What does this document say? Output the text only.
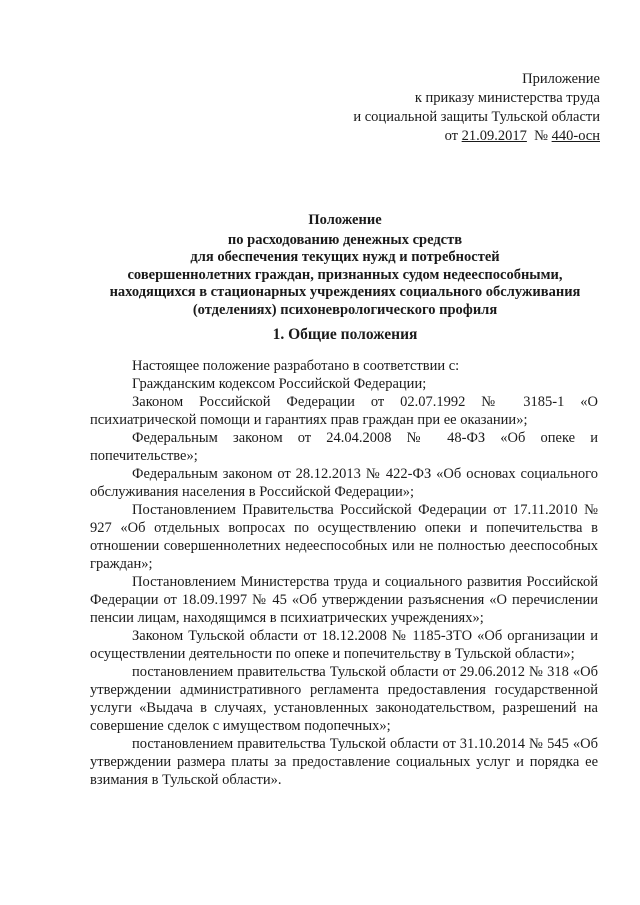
Приложение
к приказу министерства труда
и социальной защиты Тульской области
от 21.09.2017 № 440-осн
Положение
по расходованию денежных средств
для обеспечения текущих нужд и потребностей
совершеннолетних граждан, признанных судом недееспособными,
находящихся в стационарных учреждениях социального обслуживания
(отделениях) психоневрологического профиля
1. Общие положения

Настоящее положение разработано в соответствии с:

Гражданским кодексом Российской Федерации;

Законом Российской Федерации от 02.07.1992 № 3185-1 «О психиатрической помощи и гарантиях прав граждан при ее оказании»;

Федеральным законом от 24.04.2008 № 48-ФЗ «Об опеке и попечительстве»;

Федеральным законом от 28.12.2013 № 422-ФЗ «Об основах социального обслуживания населения в Российской Федерации»;

Постановлением Правительства Российской Федерации от 17.11.2010 № 927 «Об отдельных вопросах по осуществлению опеки и попечительства в отношении совершеннолетних недееспособных или не полностью дееспособных граждан»;

Постановлением Министерства труда и социального развития Российской Федерации от 18.09.1997 № 45 «Об утверждении разъяснения «О перечислении пенсии лицам, находящимся в психиатрических учреждениях»;

Законом Тульской области от 18.12.2008 № 1185-ЗТО «Об организации и осуществлении деятельности по опеке и попечительству в Тульской области»;

постановлением правительства Тульской области от 29.06.2012 № 318 «Об утверждении административного регламента предоставления государственной услуги «Выдача в случаях, установленных законодательством, разрешений на совершение сделок с имуществом подопечных»;

постановлением правительства Тульской области от 31.10.2014 № 545 «Об утверждении размера платы за предоставление социальных услуг и порядка ее взимания в Тульской области».
